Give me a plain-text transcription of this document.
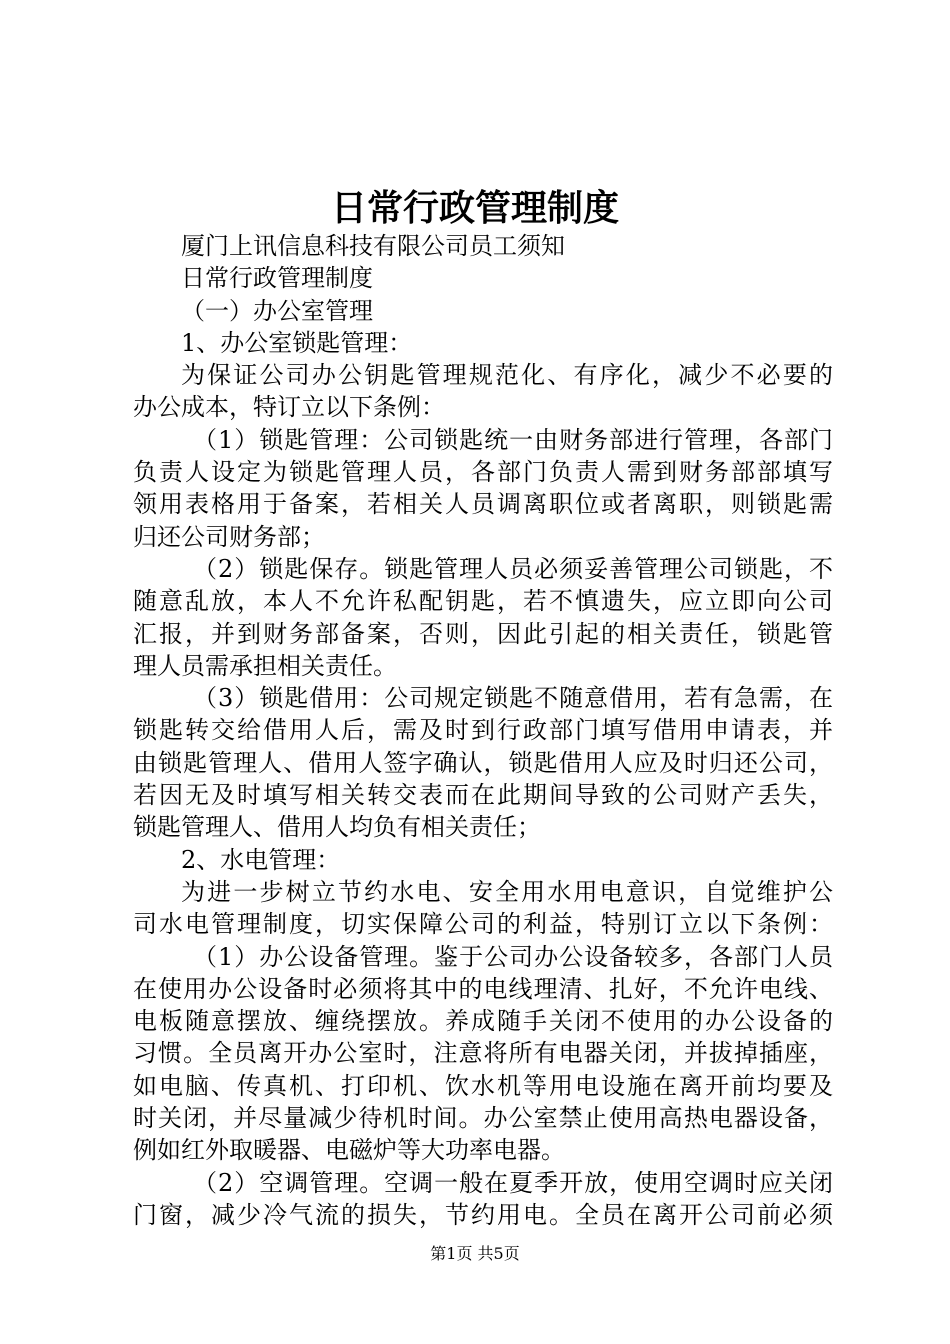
日常行政管理制度
厦门上讯信息科技有限公司员工须知
日常行政管理制度
（一）办公室管理
1、办公室锁匙管理：
为保证公司办公钥匙管理规范化、有序化，减少不必要的
办公成本，特订立以下条例：
（1）锁匙管理：公司锁匙统一由财务部进行管理，各部门
负责人设定为锁匙管理人员，各部门负责人需到财务部部填写
领用表格用于备案，若相关人员调离职位或者离职，则锁匙需
归还公司财务部；
（2）锁匙保存。锁匙管理人员必须妥善管理公司锁匙，不
随意乱放，本人不允许私配钥匙，若不慎遗失，应立即向公司
汇报，并到财务部备案，否则，因此引起的相关责任，锁匙管
理人员需承担相关责任。
（3）锁匙借用：公司规定锁匙不随意借用，若有急需，在
锁匙转交给借用人后，需及时到行政部门填写借用申请表，并
由锁匙管理人、借用人签字确认，锁匙借用人应及时归还公司，
若因无及时填写相关转交表而在此期间导致的公司财产丢失，
锁匙管理人、借用人均负有相关责任；
2、水电管理：
为进一步树立节约水电、安全用水用电意识，自觉维护公
司水电管理制度，切实保障公司的利益，特别订立以下条例：
（1）办公设备管理。鉴于公司办公设备较多，各部门人员
在使用办公设备时必须将其中的电线理清、扎好，不允许电线、
电板随意摆放、缠绕摆放。养成随手关闭不使用的办公设备的
习惯。全员离开办公室时，注意将所有电器关闭，并拔掉插座，
如电脑、传真机、打印机、饮水机等用电设施在离开前均要及
时关闭，并尽量减少待机时间。办公室禁止使用高热电器设备，
例如红外取暖器、电磁炉等大功率电器。
（2）空调管理。空调一般在夏季开放，使用空调时应关闭
门窗，减少冷气流的损失，节约用电。全员在离开公司前必须
第1页 共5页
